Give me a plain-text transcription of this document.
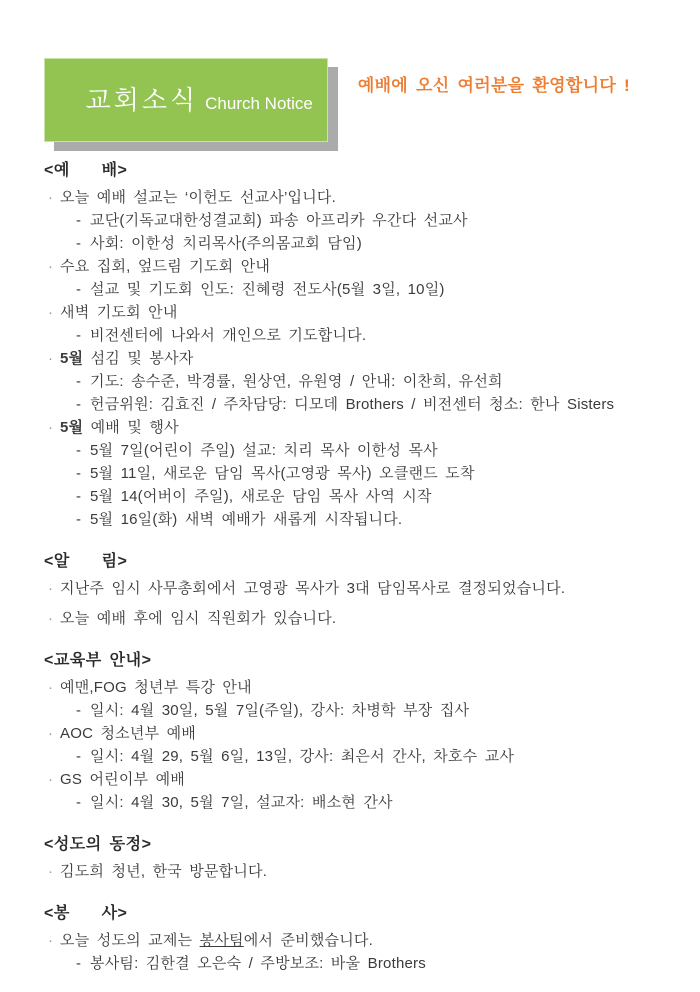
교회소식 Church Notice

예배에 오신 여러분을 환영합니다 !
<예    배>
· 오늘 예배 설교는 ‘이헌도 선교사’입니다.
- 교단(기독교대한성결교회) 파송 아프리카 우간다 선교사
- 사회: 이한성 치리목사(주의몸교회 담임)
· 수요 집회, 엎드림 기도회 안내
- 설교 및 기도회 인도: 진혜령 전도사(5월 3일, 10일)
· 새벽 기도회 안내
- 비전센터에 나와서 개인으로 기도합니다.
· 5월 섬김 및 봉사자
- 기도: 송수준, 박경률, 원상연, 유원영 / 안내: 이찬희, 유선희
- 헌금위원: 김효진 / 주차담당: 디모데 Brothers / 비전센터 청소: 한나 Sisters
· 5월 예배 및 행사
- 5월 7일(어린이 주일) 설교: 치리 목사 이한성 목사
- 5월 11일, 새로운 담임 목사(고영광 목사) 오클랜드 도착
- 5월 14(어버이 주일), 새로운 담임 목사 사역 시작
- 5월 16일(화) 새벽 예배가 새롭게 시작됩니다.
<알    림>
· 지난주 임시 사무총회에서 고영광 목사가 3대 담임목사로 결정되었습니다.
· 오늘 예배 후에 임시 직원회가 있습니다.
<교육부 안내>
· 예맨,FOG 청년부 특강 안내
- 일시: 4월 30일, 5월 7일(주일), 강사: 차병학 부장 집사
· AOC 청소년부 예배
- 일시: 4월 29, 5월 6일, 13일, 강사: 최은서 간사, 차호수 교사
· GS 어린이부 예배
- 일시: 4월 30, 5월 7일, 설교자: 배소현 간사
<성도의 동정>
· 김도희 청년, 한국 방문합니다.
<봉    사>
· 오늘 성도의 교제는 봉사팀에서 준비했습니다.
- 봉사팀: 김한결 오은숙 / 주방보조: 바울 Brothers
